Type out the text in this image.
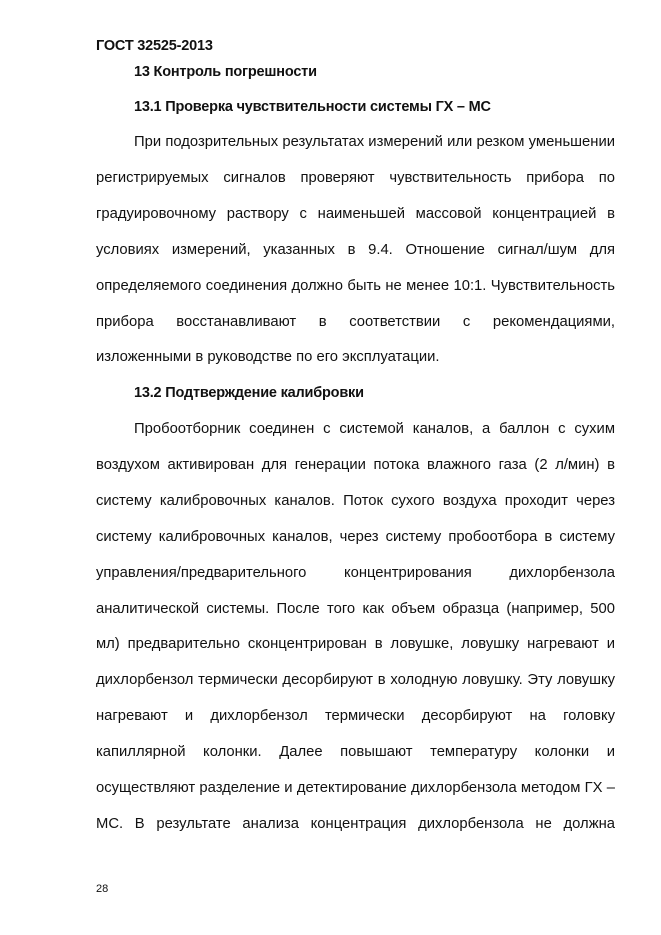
ГОСТ 32525-2013
13 Контроль погрешности
13.1 Проверка чувствительности системы ГХ – МС

При подозрительных результатах измерений или резком уменьшении регистрируемых сигналов проверяют чувствительность прибора по градуировочному раствору с наименьшей массовой концентрацией в условиях измерений, указанных в 9.4. Отношение сигнал/шум для определяемого соединения должно быть не менее 10:1. Чувствительность прибора восстанавливают в соответствии с рекомендациями, изложенными в руководстве по его эксплуатации.

13.2 Подтверждение калибровки

Пробоотборник соединен с системой каналов, а баллон с сухим воздухом активирован для генерации потока влажного газа (2 л/мин) в систему калибровочных каналов. Поток сухого воздуха проходит через систему калибровочных каналов, через систему пробоотбора в систему управления/предварительного концентрирования дихлорбензола аналитической системы. После того как объем образца (например, 500 мл) предварительно сконцентрирован в ловушке, ловушку нагревают и дихлорбензол термически десорбируют в холодную ловушку. Эту ловушку нагревают и дихлорбензол термически десорбируют на головку капиллярной колонки. Далее повышают температуру колонки и осуществляют разделение и детектирование дихлорбензола методом ГХ – МС. В результате анализа концентрация дихлорбензола не должна

28
